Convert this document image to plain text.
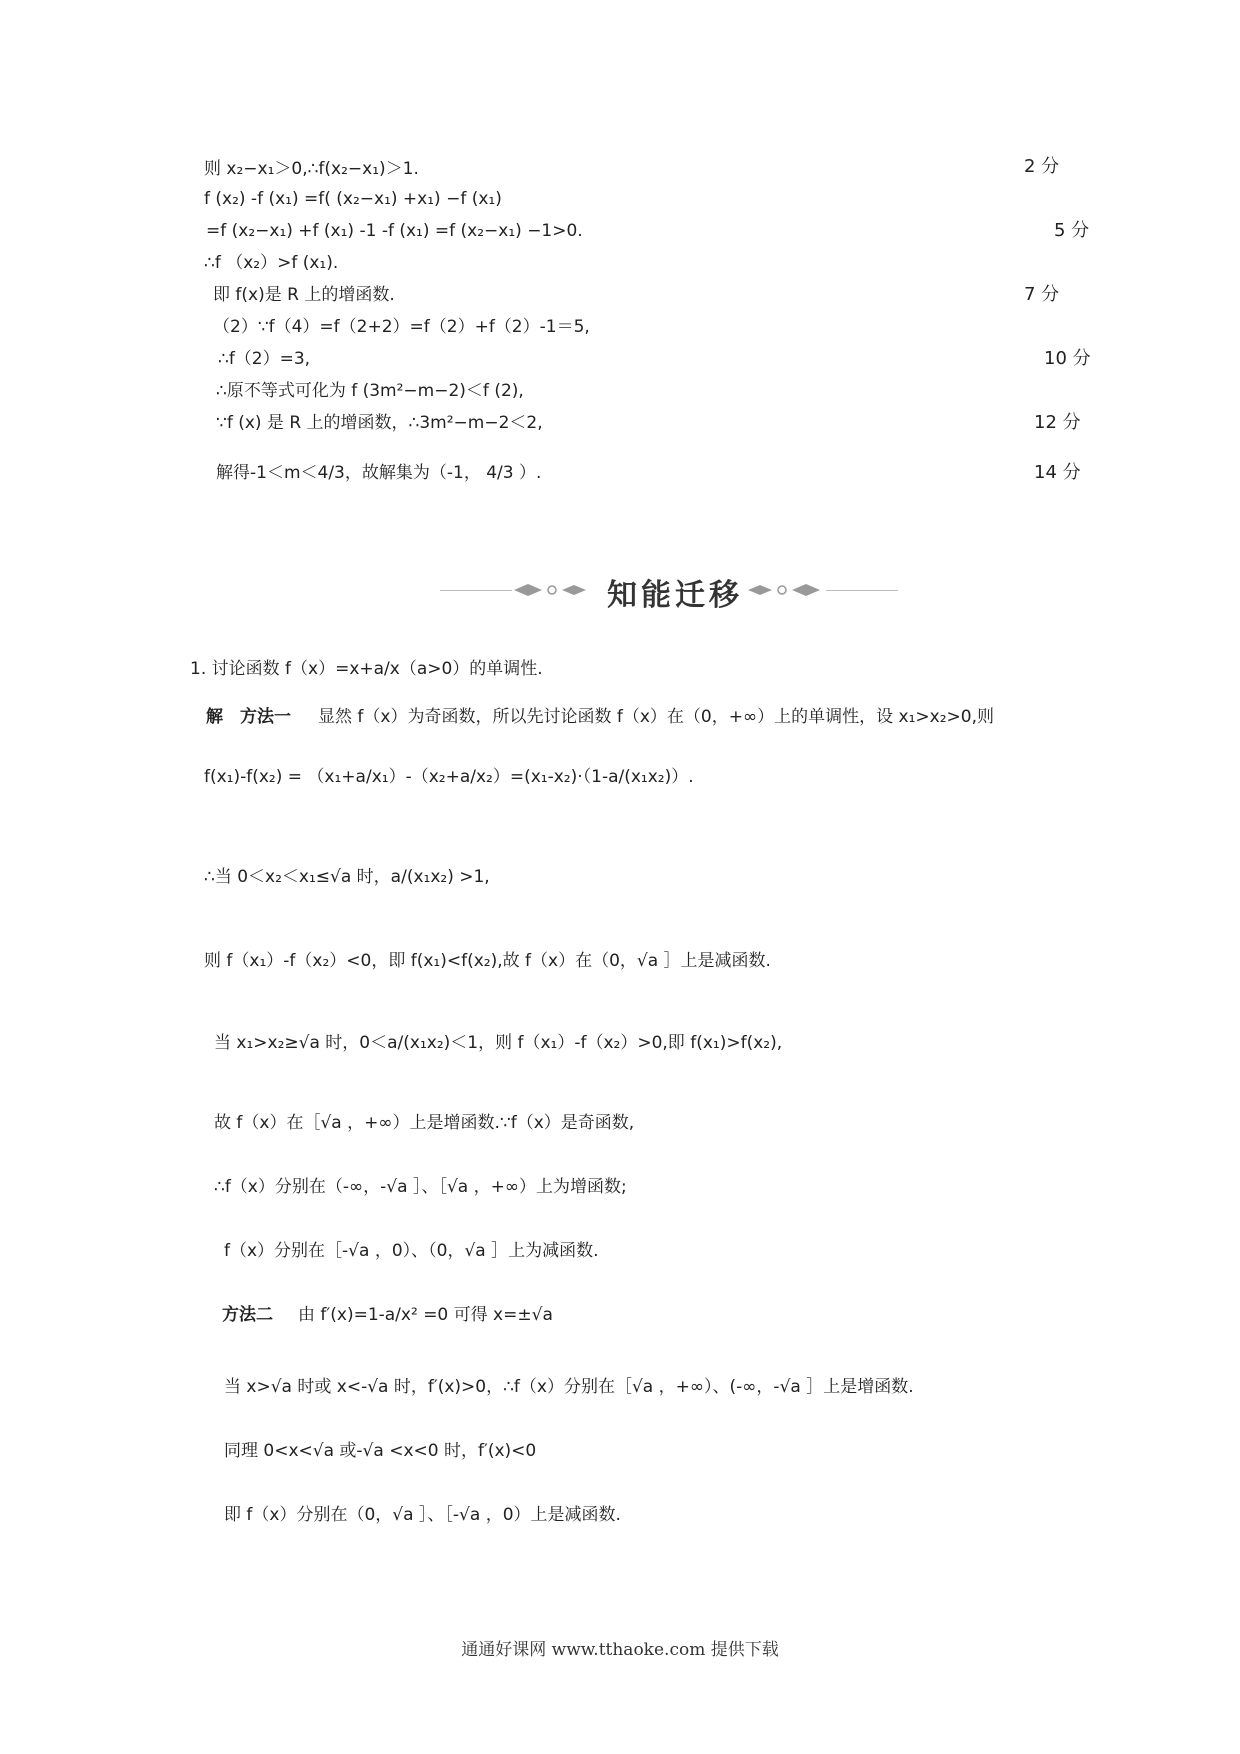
则 x₂−x₁＞0,∴f(x₂−x₁)＞1.
f (x₂) -f (x₁) =f( (x₂−x₁) +x₁) −f (x₁)
=f (x₂−x₁) +f (x₁) -1 -f (x₁) =f (x₂−x₁) −1>0.
∴f （x₂）>f (x₁).
即 f(x)是 R 上的增函数.
（2）∵f（4）=f（2+2）=f（2）+f（2）-1＝5,
∴f（2）=3,
∴原不等式可化为 f (3m²−m−2)＜f (2),
∵f (x) 是 R 上的增函数，∴3m²−m−2＜2,
解得-1＜m＜4/3，故解集为（-1， 4/3 ）.
2 分
5 分
7 分
10 分
12 分
14 分
知能迁移
1. 讨论函数 f（x）=x+a/x（a>0）的单调性.
解　方法一 显然 f（x）为奇函数，所以先讨论函数 f（x）在（0，+∞）上的单调性，设 x₁>x₂>0,则
f(x₁)-f(x₂) = （x₁+a/x₁）-（x₂+a/x₂）=(x₁-x₂)·（1-a/(x₁x₂)）.
∴当 0＜x₂＜x₁≤√a 时，a/(x₁x₂) >1,
则 f（x₁）-f（x₂）<0，即 f(x₁)<f(x₂),故 f（x）在（0，√a ］上是减函数.
当 x₁>x₂≥√a 时，0＜a/(x₁x₂)＜1，则 f（x₁）-f（x₂）>0,即 f(x₁)>f(x₂),
故 f（x）在［√a ，+∞）上是增函数.∵f（x）是奇函数,
∴f（x）分别在（-∞，-√a ］、［√a ，+∞）上为增函数;
f（x）分别在［-√a ，0）、（0，√a ］上为减函数.
方法二 由 f′(x)=1-a/x² =0 可得 x=±√a
当 x>√a 时或 x<-√a 时，f′(x)>0，∴f（x）分别在［√a ，+∞）、(-∞，-√a ］上是增函数.
同理 0<x<√a 或-√a <x<0 时，f′(x)<0
即 f（x）分别在（0，√a ］、［-√a ，0）上是减函数.
通通好课网 www.tthaoke.com 提供下载
